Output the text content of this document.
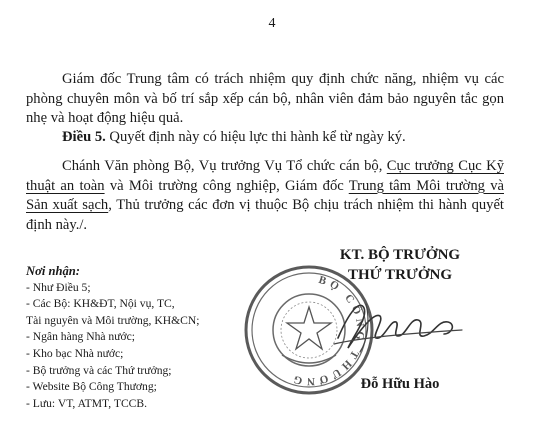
4

Giám đốc Trung tâm có trách nhiệm quy định chức năng, nhiệm vụ các phòng chuyên môn và bố trí sắp xếp cán bộ, nhân viên đảm bảo nguyên tắc gọn nhẹ và hoạt động hiệu quả.

Điều 5. Quyết định này có hiệu lực thi hành kể từ ngày ký.

Chánh Văn phòng Bộ, Vụ trưởng Vụ Tổ chức cán bộ, Cục trưởng Cục Kỹ thuật an toàn và Môi trường công nghiệp, Giám đốc Trung tâm Môi trường và Sản xuất sạch, Thủ trưởng các đơn vị thuộc Bộ chịu trách nhiệm thi hành quyết định này./.

Nơi nhận:
- Như Điều 5;
- Các Bộ: KH&ĐT, Nội vụ, TC,
Tài nguyên và Môi trường, KH&CN;
- Ngân hàng Nhà nước;
- Kho bạc Nhà nước;
- Bộ trưởng và các Thứ trưởng;
- Website Bộ Công Thương;
- Lưu: VT, ATMT, TCCB.
BỘ CÔNG THƯƠNG
KT. BỘ TRƯỞNG
THỨ TRƯỞNG
Đỗ Hữu Hào
